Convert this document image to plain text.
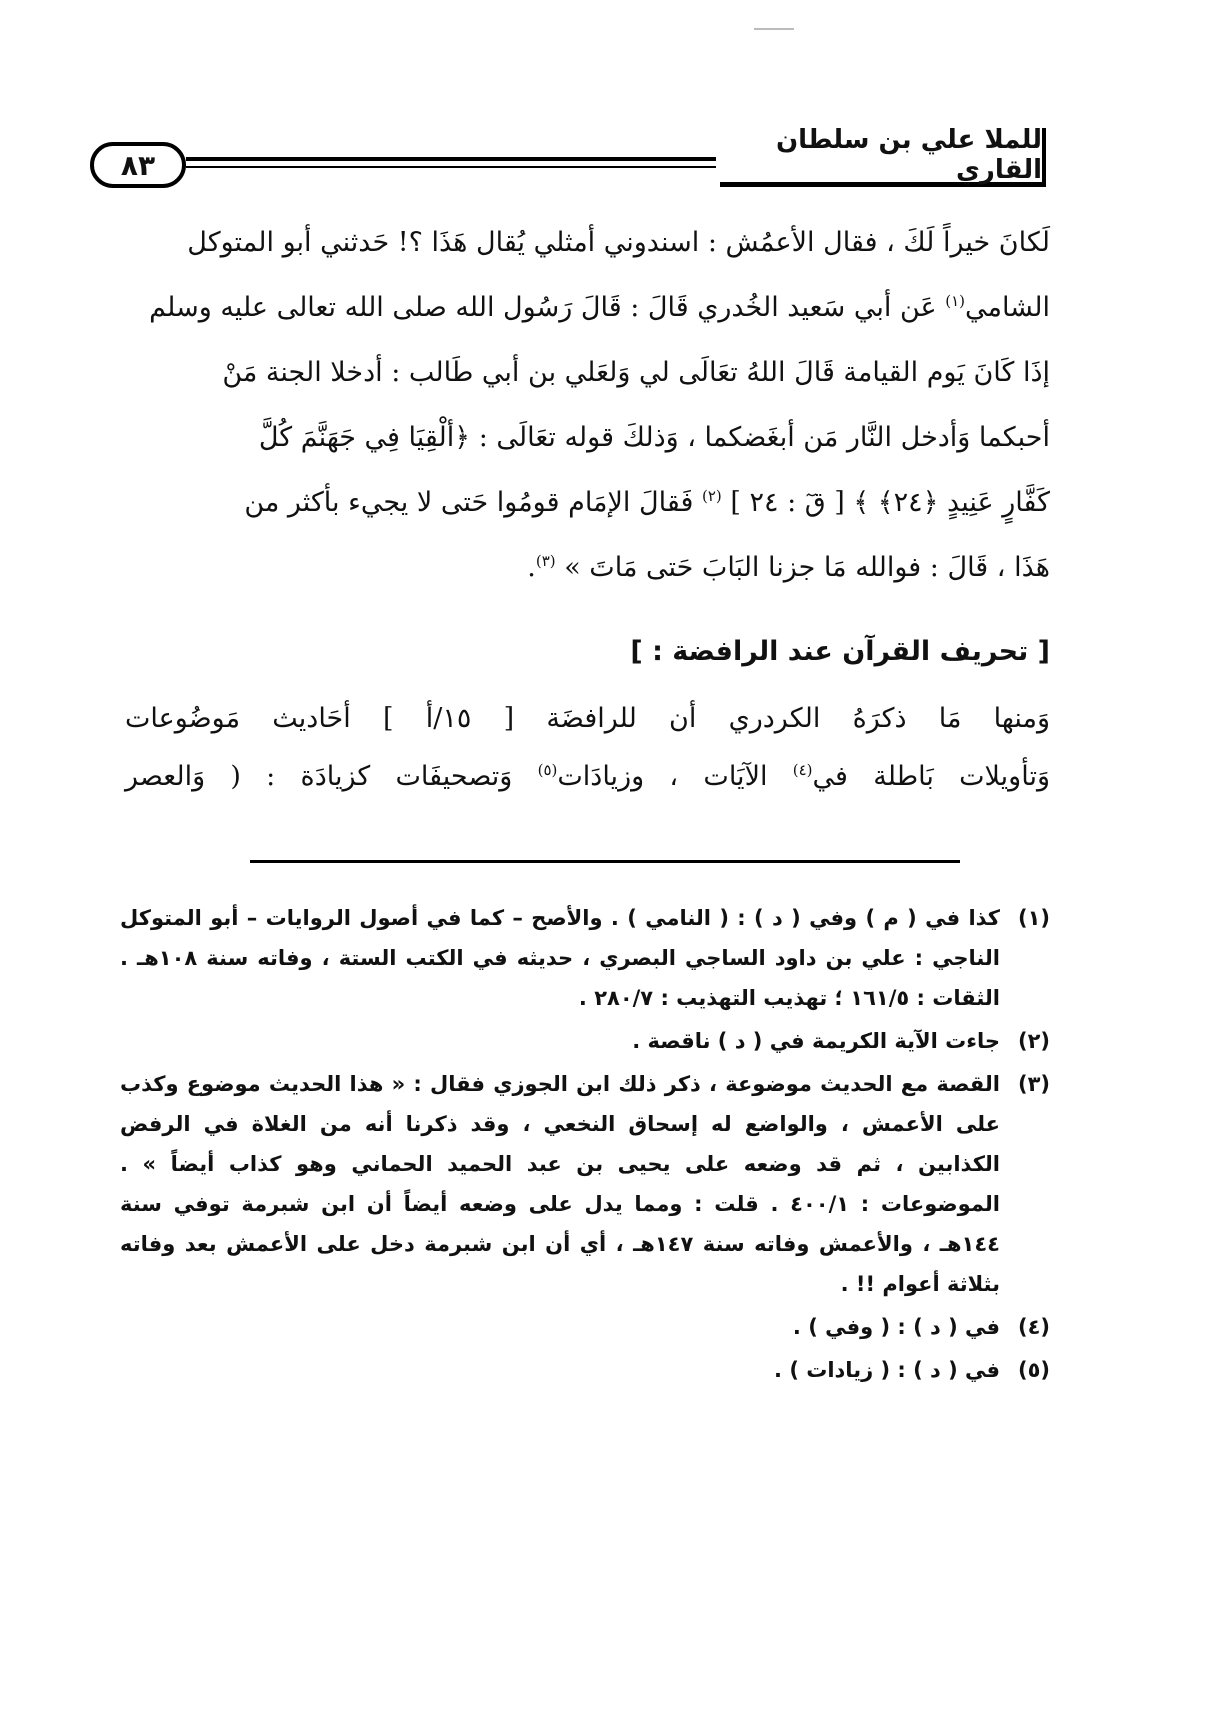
٨٣
للملا علي بن سلطان القاري

لَكانَ خيراً لَكَ ، فقال الأعمُش : اسندوني أمثلي يُقال هَذَا ؟! حَدثني أبو المتوكل

الشامي$^{(١)}$ عَن أبي سَعيد الخُدري قَالَ : قَالَ رَسُول الله صلى الله تعالى عليه وسلم

إذَا كَانَ يَوم القيامة قَالَ اللهُ تعَالَى لي وَلعَلي بن أبي طَالب : أدخلا الجنة مَنْ

أحبكما وَأدخل النَّار مَن أبغَضكما ، وَذلكَ قوله تعَالَى : ﴿ألْقِيَا فِي جَهَنَّمَ كُلَّ

كَفَّارٍ عَنِيدٍ ﴿٢٤﴾ ﴾ [ قٓ : ٢٤ ] $^{(٢)}$ فَقالَ الإمَام قومُوا حَتى لا يجيء بأكثر من

هَذَا ، قَالَ : فوالله مَا جزنا البَابَ حَتى مَاتَ » $^{(٣)}$.

[ تحريف القرآن عند الرافضة : ]

وَمنها مَا ذكرَهُ الكردري أن للرافضَة [ ١٥/أ ] أحَاديث مَوضُوعات

وَتأويلات بَاطلة في$^{(٤)}$ الآيَات ، وزيادَات$^{(٥)}$ وَتصحيفَات كزيادَة : ( وَالعصر

(١)
كذا في ( م ) وفي ( د ) : ( النامي ) . والأصح – كما في أصول الروايات – أبو المتوكل الناجي : علي بن داود الساجي البصري ، حديثه في الكتب الستة ، وفاته سنة ١٠٨هـ . الثقات : ١٦١/٥ ؛ تهذيب التهذيب : ٢٨٠/٧ .
(٢)
جاءت الآية الكريمة في ( د ) ناقصة .
(٣)
القصة مع الحديث موضوعة ، ذكر ذلك ابن الجوزي فقال : « هذا الحديث موضوع وكذب على الأعمش ، والواضع له إسحاق النخعي ، وقد ذكرنا أنه من الغلاة في الرفض الكذابين ، ثم قد وضعه على يحيى بن عبد الحميد الحماني وهو كذاب أيضاً » . الموضوعات : ٤٠٠/١ . قلت : ومما يدل على وضعه أيضاً أن ابن شبرمة توفي سنة ١٤٤هـ ، والأعمش وفاته سنة ١٤٧هـ ، أي أن ابن شبرمة دخل على الأعمش بعد وفاته بثلاثة أعوام !! .
(٤)
في ( د ) : ( وفي ) .
(٥)
في ( د ) : ( زيادات ) .
